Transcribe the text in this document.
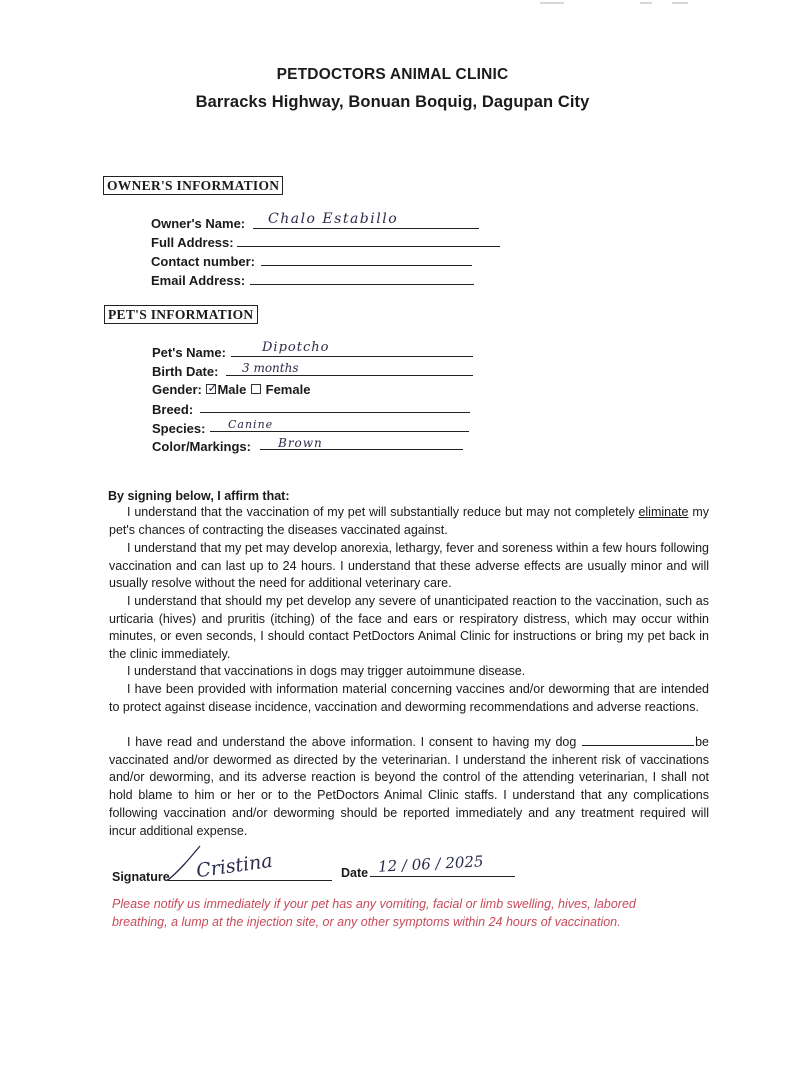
PETDOCTORS ANIMAL CLINIC
Barracks Highway, Bonuan Boquig, Dagupan City
OWNER'S INFORMATION
Owner's Name: Chalo Estabillo
Full Address:
Contact number:
Email Address:
PET'S INFORMATION
Pet's Name:	Dipotcho
Birth Date: 3 months
Gender: ✓ Male Female
Breed:
Species: Canine
Color/Markings: Brown
By signing below, I affirm that:

I understand that the vaccination of my pet will substantially reduce but may not completely eliminate my pet's chances of contracting the diseases vaccinated against.

I understand that my pet may develop anorexia, lethargy, fever and soreness within a few hours following vaccination and can last up to 24 hours. I understand that these adverse effects are usually minor and will usually resolve without the need for additional veterinary care.

I understand that should my pet develop any severe of unanticipated reaction to the vaccination, such as urticaria (hives) and pruritis (itching) of the face and ears or respiratory distress, which may occur within minutes, or even seconds, I should contact PetDoctors Animal Clinic for instructions or bring my pet back in the clinic immediately.

I understand that vaccinations in dogs may trigger autoimmune disease.

I have been provided with information material concerning vaccines and/or deworming that are intended to protect against disease incidence, vaccination and deworming recommendations and adverse reactions.

I have read and understand the above information. I consent to having my dog	be vaccinated and/or dewormed as directed by the veterinarian. I understand the inherent risk of vaccinations and/or deworming, and its adverse reaction is beyond the control of the attending veterinarian, I shall not hold blame to him or her or to the PetDoctors Animal Clinic staffs. I understand that any complications following vaccination and/or deworming should be reported immediately and any treatment required will incur additional expense.

Signature Cristina	Date 12 / 06 / 2025
Please notify us immediately if your pet has any vomiting, facial or limb swelling, hives, labored breathing, a lump at the injection site, or any other symptoms within 24 hours of vaccination.
